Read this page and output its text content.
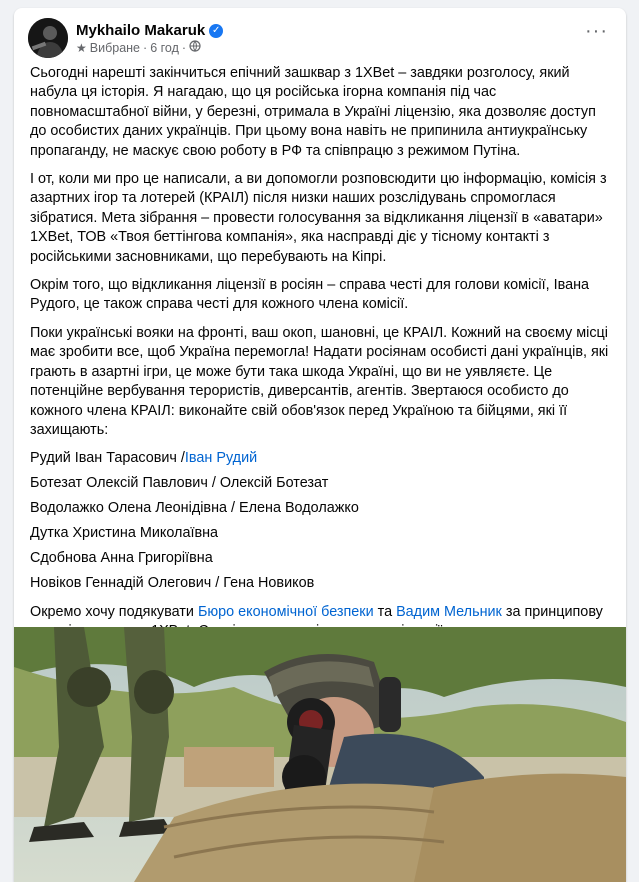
Mykhailo Makaruk ✓
★ Вибране · 6 год ·
···

Сьогодні нарешті закінчиться епічний зашквар з 1XBet – завдяки розголосу, який набула ця історія. Я нагадаю, що ця російська ігорна компанія під час повномасштабної війни, у березні, отримала в Україні ліцензію, яка дозволяє доступ до особистих даних українців. При цьому вона навіть не припинила антиукраїнську пропаганду, не маскує свою роботу в РФ та співпрацю з режимом Путіна.

І от, коли ми про це написали, а ви допомогли розповсюдити цю інформацію, комісія з азартних ігор та лотерей (КРАІЛ) після низки наших розслідувань спромоглася зібратися. Мета зібрання – провести голосування за відкликання ліцензії в «аватари» 1XBet, ТОВ «Твоя беттінгова компанія», яка насправді діє у тісному контакті з російськими засновниками, що перебувають на Кіпрі.

Окрім того, що відкликання ліцензії в росіян – справа честі для голови комісії, Івана Рудого, це також справа честі для кожного члена комісії.

Поки українські вояки на фронті, ваш окоп, шановні, це КРАІЛ. Кожний на своєму місці має зробити все, щоб Україна перемогла! Надати росіянам особисті дані українців, які грають в азартні ігри, це може бути така шкода Україні, що ви не уявляєте. Це потенційне вербування терористів, диверсантів, агентів. Звертаюся особисто до кожного члена КРАІЛ: виконайте свій обов'язок перед Україною та бійцями, які її захищають:

Рудий Іван Тарасович /Іван Рудий

Ботезат Олексій Павлович / Олексій Ботезат

Водолажко Олена Леонідівна / Елена Водолажко

Дутка Христина Миколаївна

Сдобнова Анна Григоріївна

Новіков Геннадій Олегович / Гена Новиков

Окремо хочу подякувати Бюро економічної безпеки та Вадим Мельник за принципову
